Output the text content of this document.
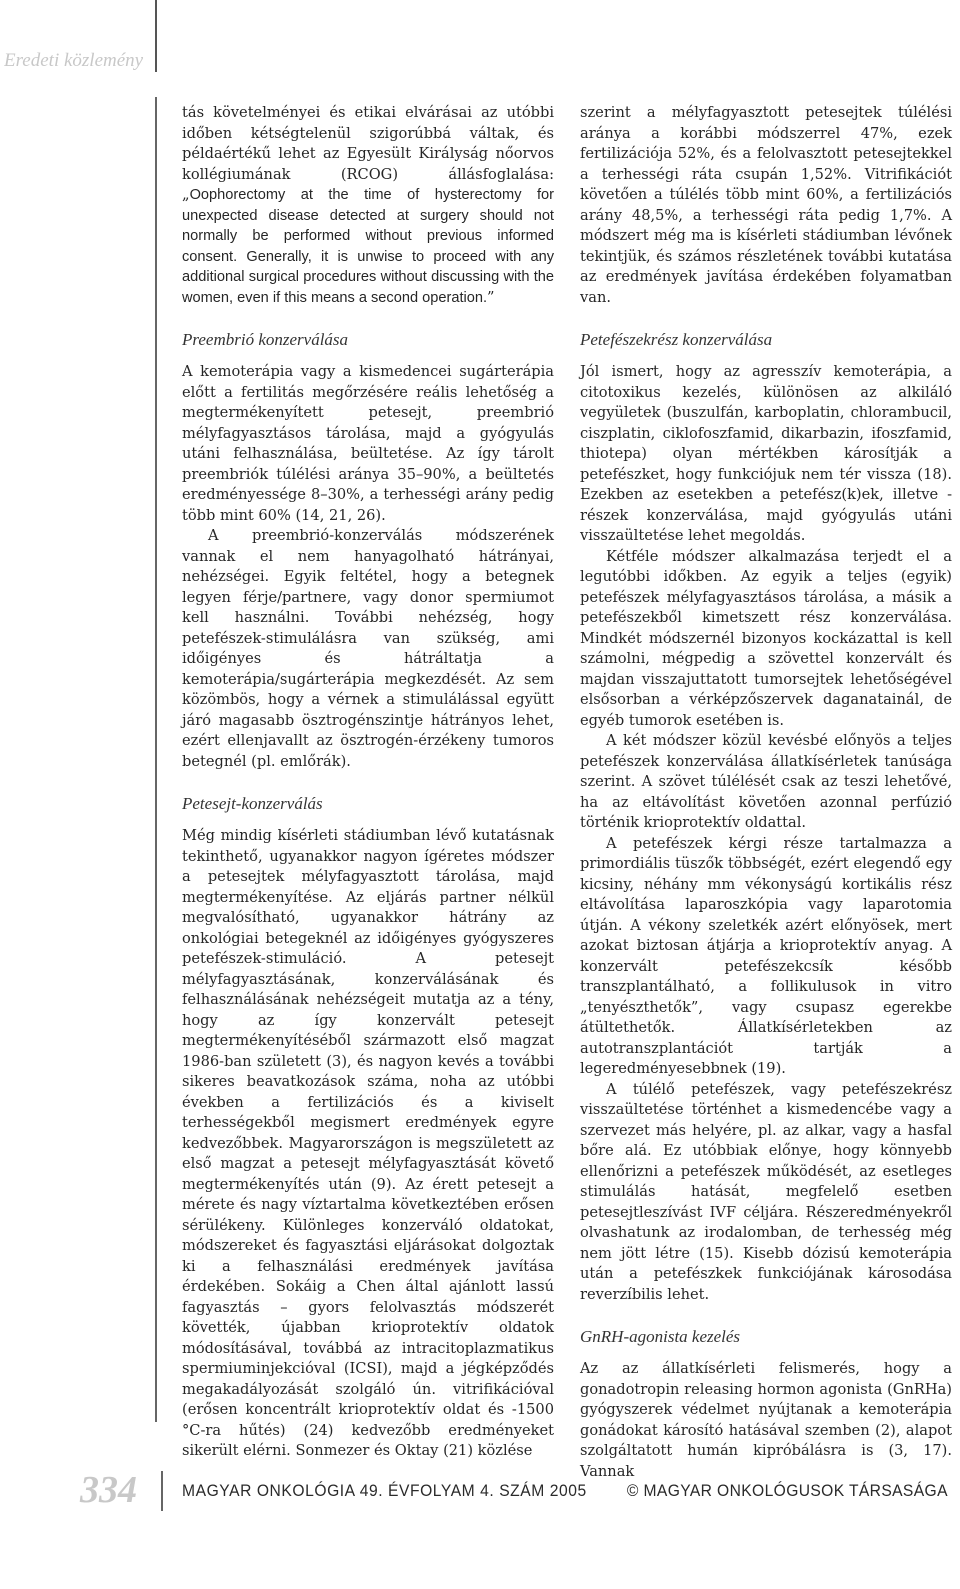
Eredeti közlemény

tás követelményei és etikai elvárásai az utóbbi időben kétségtelenül szigorúbbá váltak, és példaértékű lehet az Egyesült Királyság nőorvos kollégiumának (RCOG) állásfoglalása: „Oophorectomy at the time of hysterectomy for unexpected disease detected at surgery should not normally be performed without previous informed consent. Generally, it is unwise to proceed with any additional surgical procedures without discussing with the women, even if this means a second operation.”

Preembrió konzerválása

A kemoterápia vagy a kismedencei sugárterápia előtt a fertilitás megőrzésére reális lehetőség a megtermékenyített petesejt, preembrió mélyfagyasztásos tárolása, majd a gyógyulás utáni felhasználása, beültetése. Az így tárolt preembriók túlélési aránya 35–90%, a beültetés eredményessége 8–30%, a terhességi arány pedig több mint 60% (14, 21, 26).

A preembrió-konzerválás módszerének vannak el nem hanyagolható hátrányai, nehézségei. Egyik feltétel, hogy a betegnek legyen férje/partnere, vagy donor spermiumot kell használni. További nehézség, hogy petefészek-stimulálásra van szükség, ami időigényes és hátráltatja a kemoterápia/sugárterápia megkezdését. Az sem közömbös, hogy a vérnek a stimulálással együtt járó magasabb ösztrogénszintje hátrányos lehet, ezért ellenjavallt az ösztrogén-érzékeny tumoros betegnél (pl. emlőrák).

Petesejt-konzerválás

Még mindig kísérleti stádiumban lévő kutatásnak tekinthető, ugyanakkor nagyon ígéretes módszer a petesejtek mélyfagyasztott tárolása, majd megtermékenyítése. Az eljárás partner nélkül megvalósítható, ugyanakkor hátrány az onkológiai betegeknél az időigényes gyógyszeres petefészek-stimuláció. A petesejt mélyfagyasztásának, konzerválásának és felhasználásának nehézségeit mutatja az a tény, hogy az így konzervált petesejt megtermékenyítéséből származott első magzat 1986-ban született (3), és nagyon kevés a további sikeres beavatkozások száma, noha az utóbbi években a fertilizációs és a kiviselt terhességekből megismert eredmények egyre kedvezőbbek. Magyarországon is megszületett az első magzat a petesejt mélyfagyasztását követő megtermékenyítés után (9). Az érett petesejt a mérete és nagy víztartalma következtében erősen sérülékeny. Különleges konzerváló oldatokat, módszereket és fagyasztási eljárásokat dolgoztak ki a felhasználási eredmények javítása érdekében. Sokáig a Chen által ajánlott lassú fagyasztás – gyors felolvasztás módszerét követték, újabban krioprotektív oldatok módosításával, továbbá az intracitoplazmatikus spermiuminjekcióval (ICSI), majd a jégképződés megakadályozását szolgáló ún. vitrifikációval (erősen koncentrált krioprotektív oldat és -1500 °C-ra hűtés) (24) kedvezőbb eredményeket sikerült elérni. Sonmezer és Oktay (21) közlése

szerint a mélyfagyasztott petesejtek túlélési aránya a korábbi módszerrel 47%, ezek fertilizációja 52%, és a felolvasztott petesejtekkel a terhességi ráta csupán 1,52%. Vitrifikációt követően a túlélés több mint 60%, a fertilizációs arány 48,5%, a terhességi ráta pedig 1,7%. A módszert még ma is kísérleti stádiumban lévőnek tekintjük, és számos részletének további kutatása az eredmények javítása érdekében folyamatban van.

Petefészekrész konzerválása

Jól ismert, hogy az agresszív kemoterápia, a citotoxikus kezelés, különösen az alkiláló vegyületek (buszulfán, karboplatin, chlorambucil, ciszplatin, ciklofoszfamid, dikarbazin, ifoszfamid, thiotepa) olyan mértékben károsítják a petefészket, hogy funkciójuk nem tér vissza (18). Ezekben az esetekben a petefész(k)ek, illetve -részek konzerválása, majd gyógyulás utáni visszaültetése lehet megoldás.

Kétféle módszer alkalmazása terjedt el a legutóbbi időkben. Az egyik a teljes (egyik) petefészek mélyfagyasztásos tárolása, a másik a petefészekből kimetszett rész konzerválása. Mindkét módszernél bizonyos kockázattal is kell számolni, mégpedig a szövettel konzervált és majdan visszajuttatott tumorsejtek lehetőségével elsősorban a vérképzőszervek daganatainál, de egyéb tumorok esetében is.

A két módszer közül kevésbé előnyös a teljes petefészek konzerválása állatkísérletek tanúsága szerint. A szövet túlélését csak az teszi lehetővé, ha az eltávolítást követően azonnal perfúzió történik krioprotektív oldattal.

A petefészek kérgi része tartalmazza a primordiális tüszők többségét, ezért elegendő egy kicsiny, néhány mm vékonyságú kortikális rész eltávolítása laparoszkópia vagy laparotomia útján. A vékony szeletkék azért előnyösek, mert azokat biztosan átjárja a krioprotektív anyag. A konzervált petefészekcsík később transzplantálható, a follikulusok in vitro „tenyészthetők”, vagy csupasz egerekbe átültethetők. Állatkísérletekben az autotranszplantációt tartják a legeredményesebbnek (19).

A túlélő petefészek, vagy petefészekrész visszaültetése történhet a kismedencébe vagy a szervezet más helyére, pl. az alkar, vagy a hasfal bőre alá. Ez utóbbiak előnye, hogy könnyebb ellenőrizni a petefészek működését, az esetleges stimulálás hatását, megfelelő esetben petesejtleszívást IVF céljára. Részeredményekről olvashatunk az irodalomban, de terhesség még nem jött létre (15). Kisebb dózisú kemoterápia után a petefészkek funkciójának károsodása reverzíbilis lehet.

GnRH-agonista kezelés

Az az állatkísérleti felismerés, hogy a gonadotropin releasing hormon agonista (GnRHa) gyógyszerek védelmet nyújtanak a kemoterápia gonádokat károsító hatásával szemben (2), alapot szolgáltatott humán kipróbálásra is (3, 17). Vannak

334	MAGYAR ONKOLÓGIA 49. ÉVFOLYAM 4. SZÁM 2005 © MAGYAR ONKOLÓGUSOK TÁRSASÁGA
